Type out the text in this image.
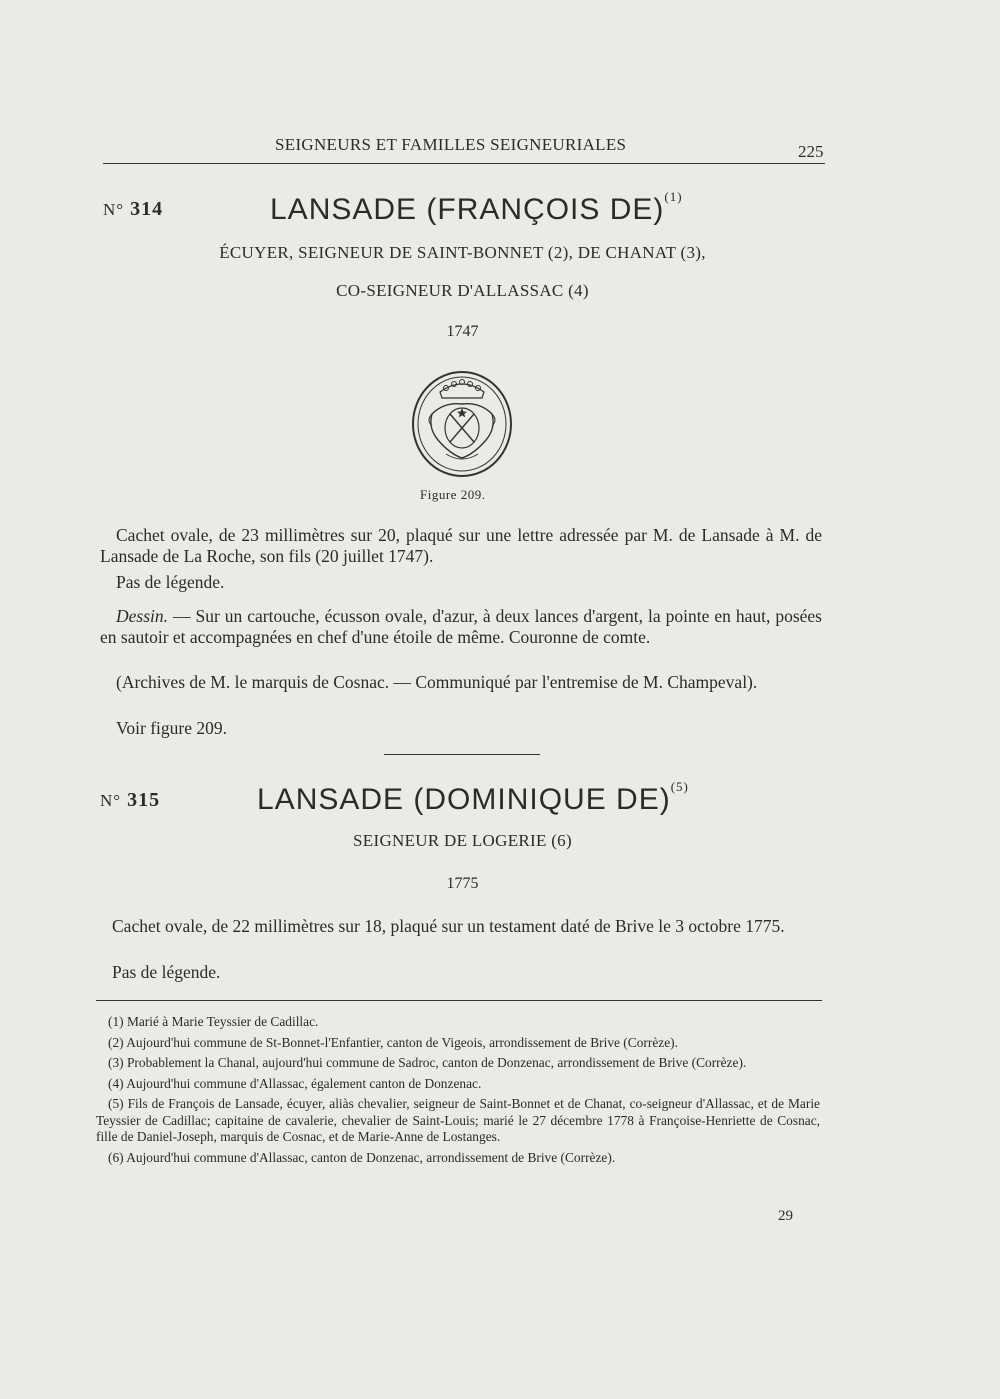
SEIGNEURS ET FAMILLES SEIGNEURIALES	225
N° 314	LANSADE (FRANÇOIS DE)$^{(1)}$
ÉCUYER, SEIGNEUR DE SAINT-BONNET (2), DE CHANAT (3),
CO-SEIGNEUR D'ALLASSAC (4)
1747
Figure 209.
Cachet ovale, de 23 millimètres sur 20, plaqué sur une lettre adressée par M. de Lansade à M. de Lansade de La Roche, son fils (20 juillet 1747).
Pas de légende.
Dessin. — Sur un cartouche, écusson ovale, d'azur, à deux lances d'argent, la pointe en haut, posées en sautoir et accompagnées en chef d'une étoile de même. Couronne de comte.
(Archives de M. le marquis de Cosnac. — Communiqué par l'entremise de M. Champeval).
Voir figure 209.
N° 315	LANSADE (DOMINIQUE DE)$^{(5)}$
SEIGNEUR DE LOGERIE (6)
1775
Cachet ovale, de 22 millimètres sur 18, plaqué sur un testament daté de Brive le 3 octobre 1775.
Pas de légende.
(1) Marié à Marie Teyssier de Cadillac.
(2) Aujourd'hui commune de St-Bonnet-l'Enfantier, canton de Vigeois, arrondissement de Brive (Corrèze).
(3) Probablement la Chanal, aujourd'hui commune de Sadroc, canton de Donzenac, arrondissement de Brive (Corrèze).
(4) Aujourd'hui commune d'Allassac, également canton de Donzenac.
(5) Fils de François de Lansade, écuyer, aliàs chevalier, seigneur de Saint-Bonnet et de Chanat, co-seigneur d'Allassac, et de Marie Teyssier de Cadillac; capitaine de cavalerie, chevalier de Saint-Louis; marié le 27 décembre 1778 à Françoise-Henriette de Cosnac, fille de Daniel-Joseph, marquis de Cosnac, et de Marie-Anne de Lostanges.
(6) Aujourd'hui commune d'Allassac, canton de Donzenac, arrondissement de Brive (Corrèze).
29
